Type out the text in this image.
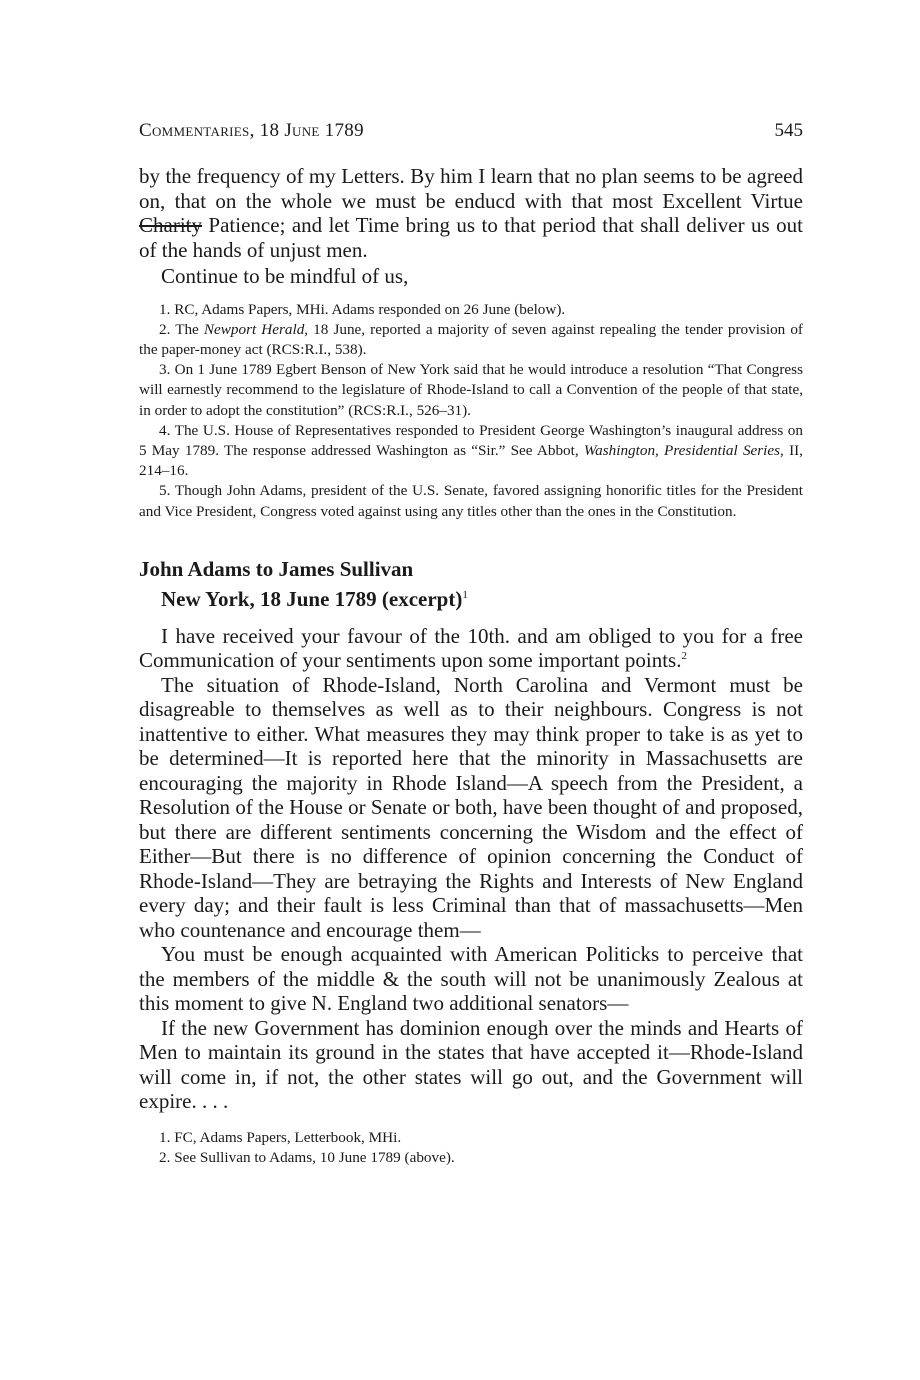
Commentaries, 18 June 1789	545

by the frequency of my Letters. By him I learn that no plan seems to be agreed on, that on the whole we must be enducd with that most Excellent Virtue Charity Patience; and let Time bring us to that period that shall deliver us out of the hands of unjust men.

Continue to be mindful of us,

1. RC, Adams Papers, MHi. Adams responded on 26 June (below).

2. The Newport Herald, 18 June, reported a majority of seven against repealing the tender provision of the paper-money act (RCS:R.I., 538).

3. On 1 June 1789 Egbert Benson of New York said that he would introduce a resolution “That Congress will earnestly recommend to the legislature of Rhode-Island to call a Convention of the people of that state, in order to adopt the constitution” (RCS:R.I., 526–31).

4. The U.S. House of Representatives responded to President George Washington’s inaugural address on 5 May 1789. The response addressed Washington as “Sir.” See Abbot, Washington, Presidential Series, II, 214–16.

5. Though John Adams, president of the U.S. Senate, favored assigning honorific titles for the President and Vice President, Congress voted against using any titles other than the ones in the Constitution.

John Adams to James Sullivan
New York, 18 June 1789 (excerpt)$^1$

I have received your favour of the 10th. and am obliged to you for a free Communication of your sentiments upon some important points.$^2$

The situation of Rhode-Island, North Carolina and Vermont must be disagreable to themselves as well as to their neighbours. Congress is not inattentive to either. What measures they may think proper to take is as yet to be determined—It is reported here that the minority in Massachusetts are encouraging the majority in Rhode Island—A speech from the President, a Resolution of the House or Senate or both, have been thought of and proposed, but there are different sentiments concerning the Wisdom and the effect of Either—But there is no difference of opinion concerning the Conduct of Rhode-Island—They are betraying the Rights and Interests of New England every day; and their fault is less Criminal than that of massachusetts—Men who countenance and encourage them—

You must be enough acquainted with American Politicks to perceive that the members of the middle & the south will not be unanimously Zealous at this moment to give N. England two additional senators—

If the new Government has dominion enough over the minds and Hearts of Men to maintain its ground in the states that have accepted it—Rhode-Island will come in, if not, the other states will go out, and the Government will expire. . . .

1. FC, Adams Papers, Letterbook, MHi.

2. See Sullivan to Adams, 10 June 1789 (above).
